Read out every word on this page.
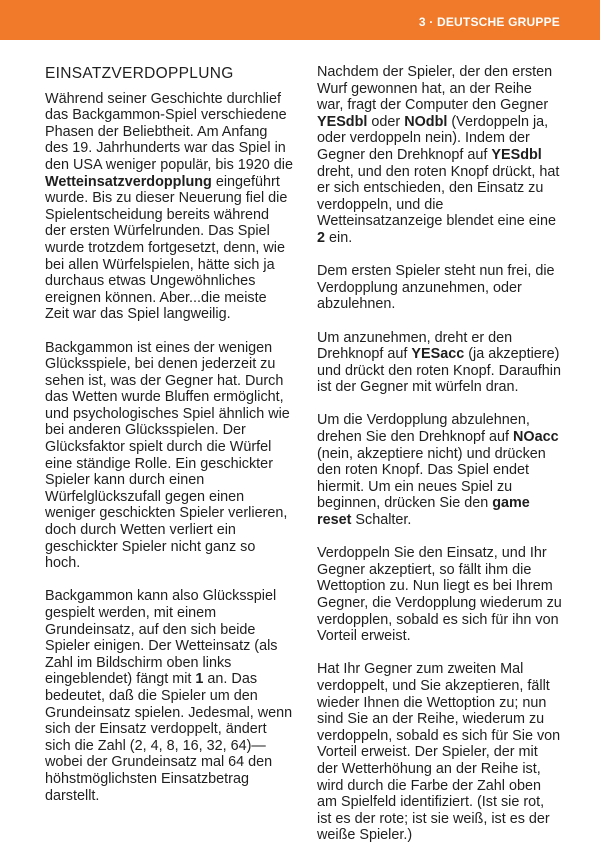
3 · DEUTSCHE GRUPPE
EINSATZVERDOPPLUNG

Während seiner Geschichte durchlief das Backgammon-Spiel verschiedene Phasen der Beliebtheit. Am Anfang des 19. Jahrhunderts war das Spiel in den USA weniger populär, bis 1920 die Wetteinsatzverdopplung eingeführt wurde. Bis zu dieser Neuerung fiel die Spielentscheidung bereits während der ersten Würfelrunden. Das Spiel wurde trotzdem fortgesetzt, denn, wie bei allen Würfelspielen, hätte sich ja durchaus etwas Ungewöhnliches ereignen können. Aber...die meiste Zeit war das Spiel langweilig.

Backgammon ist eines der wenigen Glücksspiele, bei denen jederzeit zu sehen ist, was der Gegner hat. Durch das Wetten wurde Bluffen ermöglicht, und psychologisches Spiel ähnlich wie bei anderen Glücksspielen. Der Glücksfaktor spielt durch die Würfel eine ständige Rolle. Ein geschickter Spieler kann durch einen Würfelglückszufall gegen einen weniger geschickten Spieler verlieren, doch durch Wetten verliert ein geschickter Spieler nicht ganz so hoch.

Backgammon kann also Glücksspiel gespielt werden, mit einem Grundeinsatz, auf den sich beide Spieler einigen. Der Wetteinsatz (als Zahl im Bildschirm oben links eingeblendet) fängt mit 1 an. Das bedeutet, daß die Spieler um den Grundeinsatz spielen. Jedesmal, wenn sich der Einsatz verdoppelt, ändert sich die Zahl (2, 4, 8, 16, 32, 64)—wobei der Grundeinsatz mal 64 den höhstmöglichsten Einsatzbetrag darstellt.

Nachdem der Spieler, der den ersten Wurf gewonnen hat, an der Reihe war, fragt der Computer den Gegner YESdbl oder NOdbl (Verdoppeln ja, oder verdoppeln nein). Indem der Gegner den Drehknopf auf YESdbl dreht, und den roten Knopf drückt, hat er sich entschieden, den Einsatz zu verdoppeln, und die Wetteinsatzanzeige blendet eine eine 2 ein.

Dem ersten Spieler steht nun frei, die Verdopplung anzunehmen, oder abzulehnen.

Um anzunehmen, dreht er den Drehknopf auf YESacc (ja akzeptiere) und drückt den roten Knopf. Daraufhin ist der Gegner mit würfeln dran.

Um die Verdopplung abzulehnen, drehen Sie den Drehknopf auf NOacc (nein, akzeptiere nicht) und drücken den roten Knopf. Das Spiel endet hiermit. Um ein neues Spiel zu beginnen, drücken Sie den game reset Schalter.

Verdoppeln Sie den Einsatz, und Ihr Gegner akzeptiert, so fällt ihm die Wettoption zu. Nun liegt es bei Ihrem Gegner, die Verdopplung wiederum zu verdopplen, sobald es sich für ihn von Vorteil erweist.

Hat Ihr Gegner zum zweiten Mal verdoppelt, und Sie akzeptieren, fällt wieder Ihnen die Wettoption zu; nun sind Sie an der Reihe, wiederum zu verdoppeln, sobald es sich für Sie von Vorteil erweist. Der Spieler, der mit der Wetterhöhung an der Reihe ist, wird durch die Farbe der Zahl oben am Spielfeld identifiziert. (Ist sie rot, ist es der rote; ist sie weiß, ist es der weiße Spieler.)
